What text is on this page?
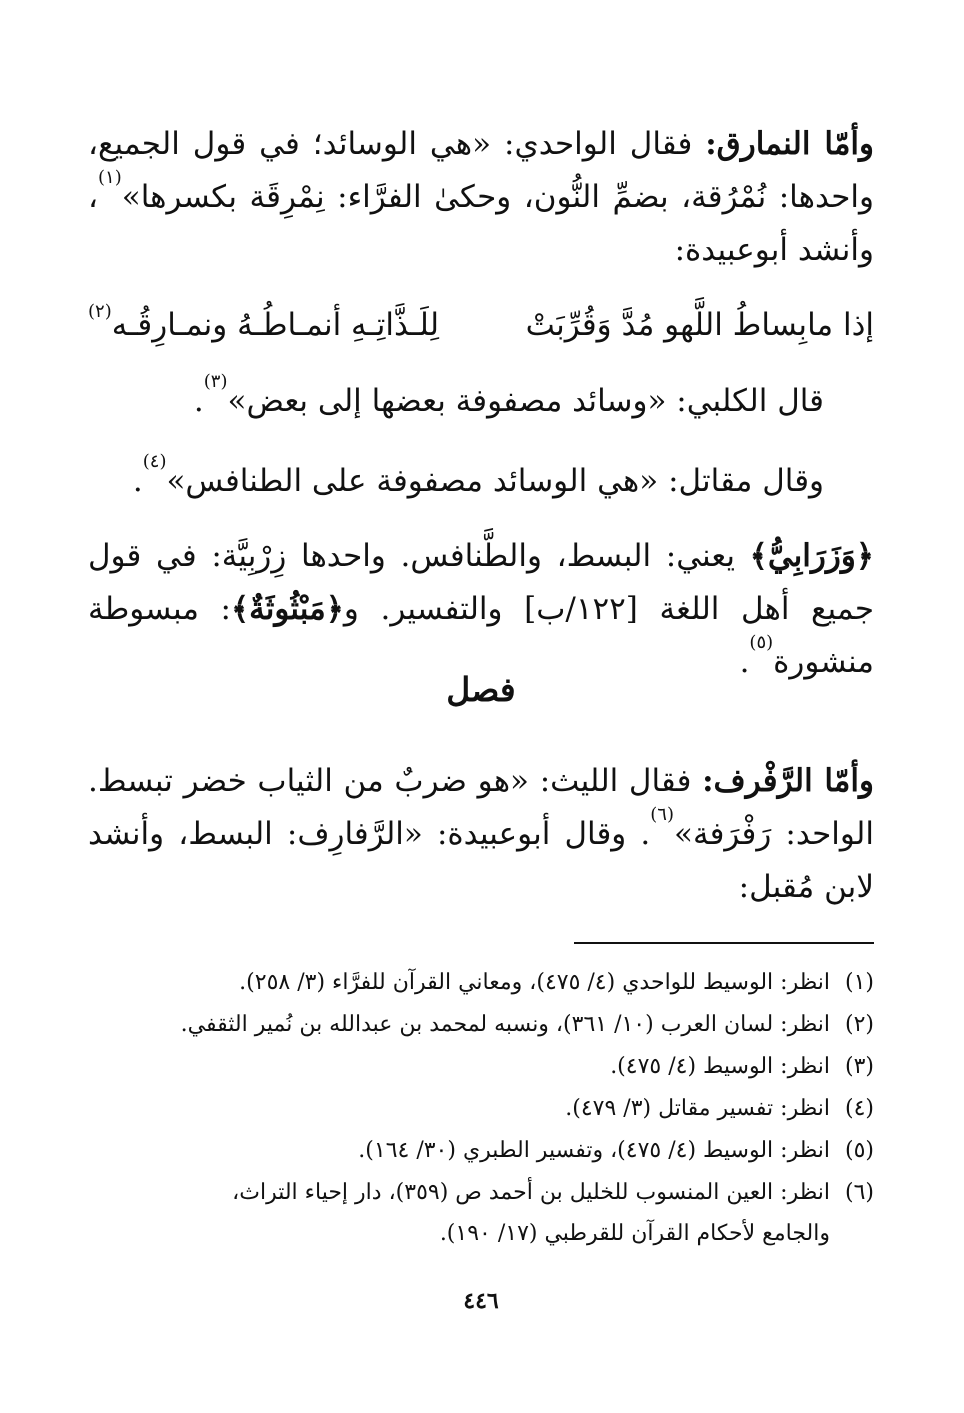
وأمّا النمارق: فقال الواحدي: «هي الوسائد؛ في قول الجميع، واحدها: نُمْرُقة، بضمِّ النُّون، وحكىٰ الفرَّاء: نِمْرِقَة بكسرها»$^{(١)}$، وأنشد أبوعبيدة:

إذا مابِساطُ اللَّهو مُدَّ وَقُرِّبَتْ
لِلَـذَّاتِـهِ أنمـاطُـهُ ونمـارِقُـه$^{(٢)}$

قال الكلبي: «وسائد مصفوفة بعضها إلى بعض»$^{(٣)}$.

وقال مقاتل: «هي الوسائد مصفوفة على الطنافس»$^{(٤)}$.

﴿وَزَرَابِيُّ﴾ يعني: البسط، والطَّنافس. واحدها زِرْبِيَّة: في قول جميع أهل اللغة [١٢٢/ب] والتفسير. و﴿مَبْثُوثَةٌ﴾: مبسوطة منشورة$^{(٥)}$.

فصل

وأمّا الرَّفْرف: فقال الليث: «هو ضربٌ من الثياب خضر تبسط. الواحد: رَفْرَفة»$^{(٦)}$. وقال أبوعبيدة: «الرَّفارِف: البسط، وأنشد لابن مُقبل:

(١)انظر: الوسيط للواحدي (٤/ ٤٧٥)، ومعاني القرآن للفرَّاء (٣/ ٢٥٨).

(٢)انظر: لسان العرب (١٠/ ٣٦١)، ونسبه لمحمد بن عبدالله بن نُمير الثقفي.

(٣)انظر: الوسيط (٤/ ٤٧٥).

(٤)انظر: تفسير مقاتل (٣/ ٤٧٩).

(٥)انظر: الوسيط (٤/ ٤٧٥)، وتفسير الطبري (٣٠/ ١٦٤).

(٦)انظر: العين المنسوب للخليل بن أحمد ص (٣٥٩)، دار إحياء التراث،
والجامع لأحكام القرآن للقرطبي (١٧/ ١٩٠).

٤٤٦
